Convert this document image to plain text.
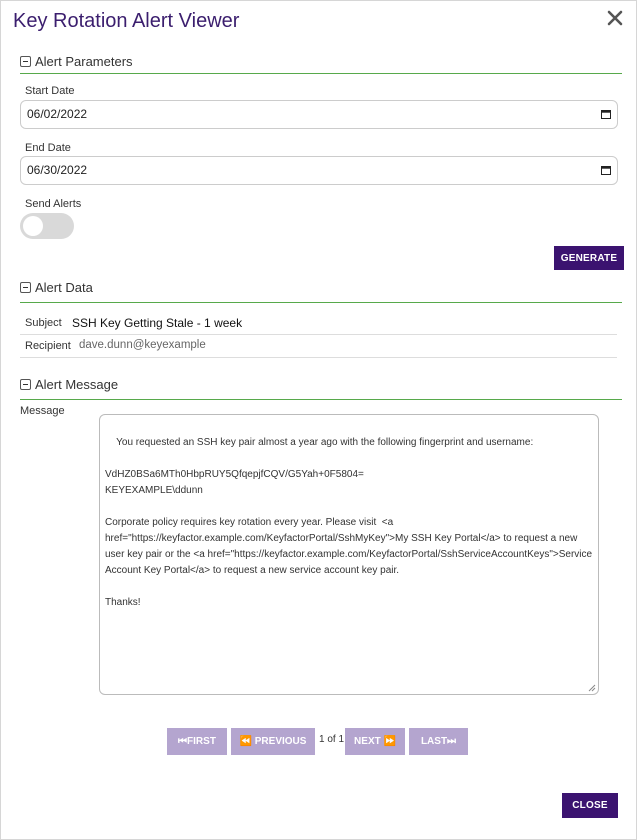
Key Rotation Alert Viewer
Alert Parameters
Start Date
06/02/2022
End Date
06/30/2022
Send Alerts
GENERATE
Alert Data
Subject SSH Key Getting Stale - 1 week
Recipient dave.dunn@keyexample
Alert Message
Message

You requested an SSH key pair almost a year ago with the following fingerprint and username:

VdHZ0BSa6MTh0HbpRUY5QfqepjfCQV/G5Yah+0F5804=
KEYEXAMPLE\ddunn

Corporate policy requires key rotation every year. Please visit  <a href="https://keyfactor.example.com/KeyfactorPortal/SshMyKey">My SSH Key Portal</a> to request a new user key pair or the <a href="https://keyfactor.example.com/KeyfactorPortal/SshServiceAccountKeys">Service Account Key Portal</a> to request a new service account key pair.

Thanks!

⏮FIRST	⏪ PREVIOUS	1 of 1	NEXT ⏩	LAST⏭
CLOSE
